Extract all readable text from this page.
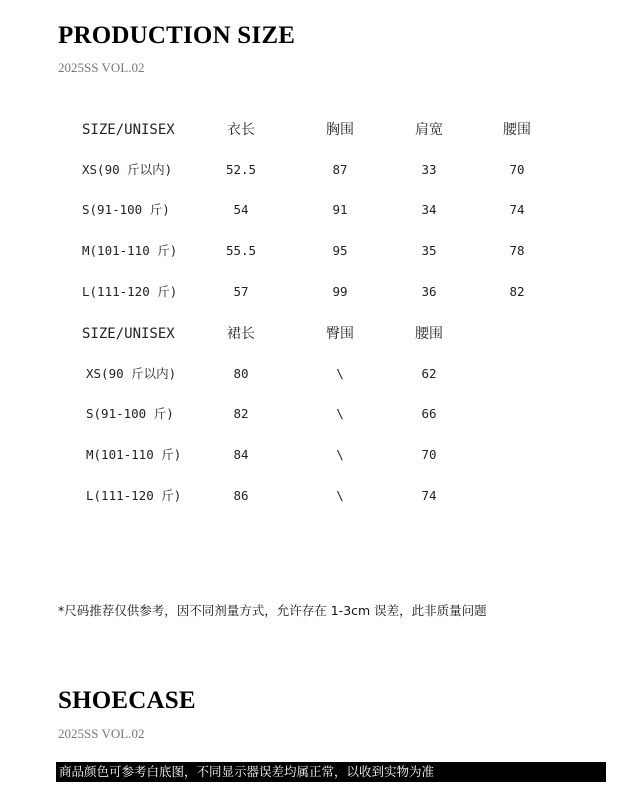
PRODUCTION SIZE
2025SS VOL.02
SIZE/UNISEX	衣长	胸围	肩宽	腰围
XS(90 斤以内)	52.5	87	33	70
S(91-100 斤)	54	91	34	74
M(101-110 斤)	55.5	95	35	78
L(111-120 斤)	57	99	36	82
SIZE/UNISEX	裙长	臀围	腰围
XS(90 斤以内)	80	\	62
S(91-100 斤)	82	\	66
M(101-110 斤)	84	\	70
L(111-120 斤)	86	\	74
*尺码推荐仅供参考，因不同剂量方式，允许存在 1-3cm 误差，此非质量问题
SHOECASE
2025SS VOL.02
商品颜色可参考白底图，不同显示器误差均属正常，以收到实物为准
